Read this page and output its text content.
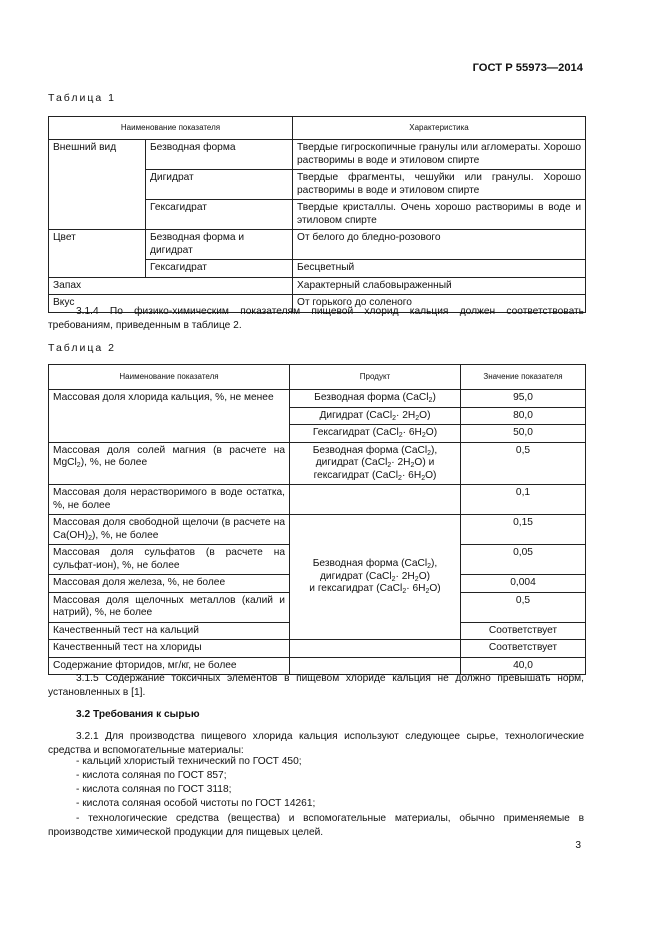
ГОСТ Р 55973—2014
Таблица 1
Наименование показателя		Характеристика
Внешний вид	Безводная форма	Твердые гигроскопичные гранулы или агломераты. Хорошо растворимы в воде и этиловом спирте
	Дигидрат	Твердые фрагменты, чешуйки или гранулы. Хорошо растворимы в воде и этиловом спирте
	Гексагидрат	Твердые кристаллы. Очень хорошо растворимы в воде и этиловом спирте
Цвет	Безводная форма и дигидрат	От белого до бледно-розового
	Гексагидрат	Бесцветный
Запах		Характерный слабовыраженный
Вкус		От горького до соленого
3.1.4 По физико-химическим показателям пищевой хлорид кальция должен соответствовать требованиям, приведенным в таблице 2.
Таблица 2
Наименование показателя	Продукт	Значение показателя
Массовая доля хлорида кальция, %, не менее	Безводная форма (CaCl$_2$)	95,0
	Дигидрат (CaCl$_2$· $2H_2O$)	80,0
	Гексагидрат (CaCl$_2$· $6H_2O$)	50,0
Массовая доля солей магния (в расчете на MgCl$_2$), %, не более	Безводная форма (CaCl$_2$),
дигидрат (CaCl$_2$· $2H_2O$) и
гексагидрат (CaCl$_2$· $6H_2O$)	0,5
Массовая доля нерастворимого в воде остатка, %, не более		0,1
Массовая доля свободной щелочи (в расчете на $Ca(OH)_2$), %, не более	Безводная форма (CaCl$_2$),
дигидрат (CaCl$_2$· $2H_2O$)
и гексагидрат (CaCl$_2$· $6H_2O$)	0,15
Массовая доля сульфатов (в расчете на сульфат-ион), %, не более		0,05
Массовая доля железа, %, не более		0,004
Массовая доля щелочных металлов (калий и натрий), %, не более		0,5
Качественный тест на кальций		Соответствует
Качественный тест на хлориды		Соответствует
Содержание фторидов, мг/кг, не более		40,0
3.1.5 Содержание токсичных элементов в пищевом хлориде кальция не должно превышать норм, установленных в [1].
3.2 Требования к сырью
3.2.1 Для производства пищевого хлорида кальция используют следующее сырье, технологические средства и вспомогательные материалы:
- кальций хлористый технический по ГОСТ 450;
- кислота соляная по ГОСТ 857;
- кислота соляная по ГОСТ 3118;
- кислота соляная особой чистоты по ГОСТ 14261;
- технологические средства (вещества) и вспомогательные материалы, обычно применяемые в производстве химической продукции для пищевых целей.
3
